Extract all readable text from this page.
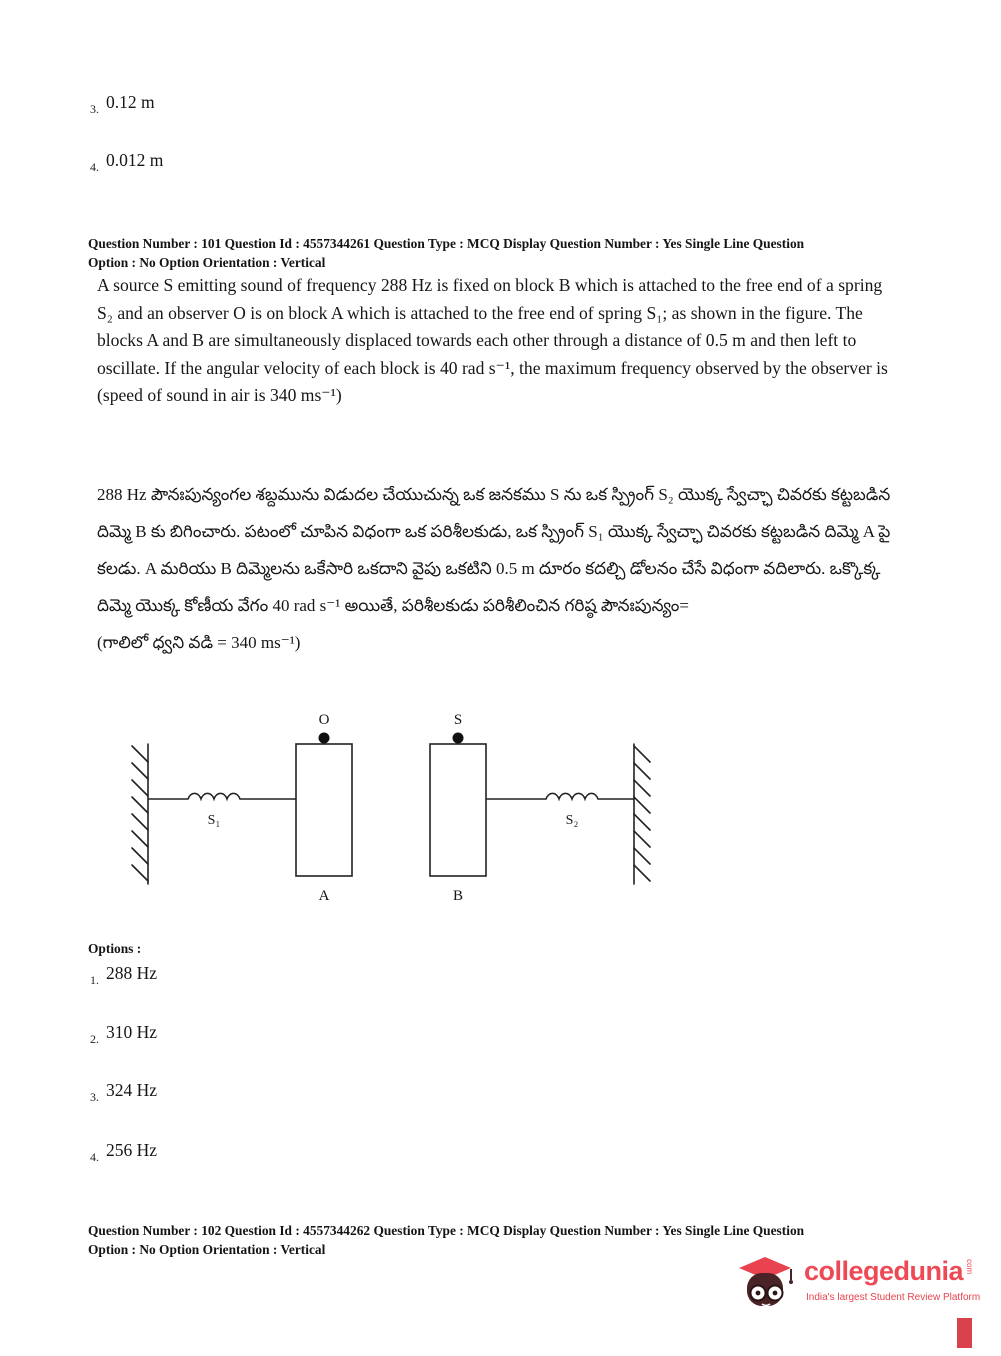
3. 0.12 m
4. 0.012 m
Question Number : 101 Question Id : 4557344261 Question Type : MCQ Display Question Number : Yes Single Line Question
Option : No Option Orientation : Vertical
A source S emitting sound of frequency 288 Hz is fixed on block B which is attached to the free end of a spring S₂ and an observer O is on block A which is attached to the free end of spring S₁; as shown in the figure. The blocks A and B are simultaneously displaced towards each other through a distance of 0.5 m and then left to oscillate. If the angular velocity of each block is 40 rad s⁻¹, the maximum frequency observed by the observer is
(speed of sound in air is 340 ms⁻¹)
288 Hz పౌనఃపున్యంగల శబ్దమును విడుదల చేయుచున్న ఒక జనకము S ను ఒక స్ప్రింగ్ S₂ యొక్క స్వేచ్ఛా చివరకు కట్టబడిన దిమ్మె B కు బిగించారు. పటంలో చూపిన విధంగా ఒక పరిశీలకుడు, ఒక స్ప్రింగ్ S₁ యొక్క స్వేచ్ఛా చివరకు కట్టబడిన దిమ్మె A పై కలడు. A మరియు B దిమ్మెలను ఒకేసారి ఒకదాని వైపు ఒకటిని 0.5 m దూరం కదల్చి డోలనం చేసే విధంగా వదిలారు. ఒక్కొక్క దిమ్మె యొక్క కోణీయ వేగం 40 rad s⁻¹ అయితే, పరిశీలకుడు పరిశీలించిన గరిష్ఠ పౌనఃపున్యం=
(గాలిలో ధ్వని వడి = 340 ms⁻¹)
O	S
S₁	S₂
A	B
Options :
1. 288 Hz
2. 310 Hz
3. 324 Hz
4. 256 Hz
Question Number : 102 Question Id : 4557344262 Question Type : MCQ Display Question Number : Yes Single Line Question
Option : No Option Orientation : Vertical
collegedunia com
India's largest Student Review Platform
